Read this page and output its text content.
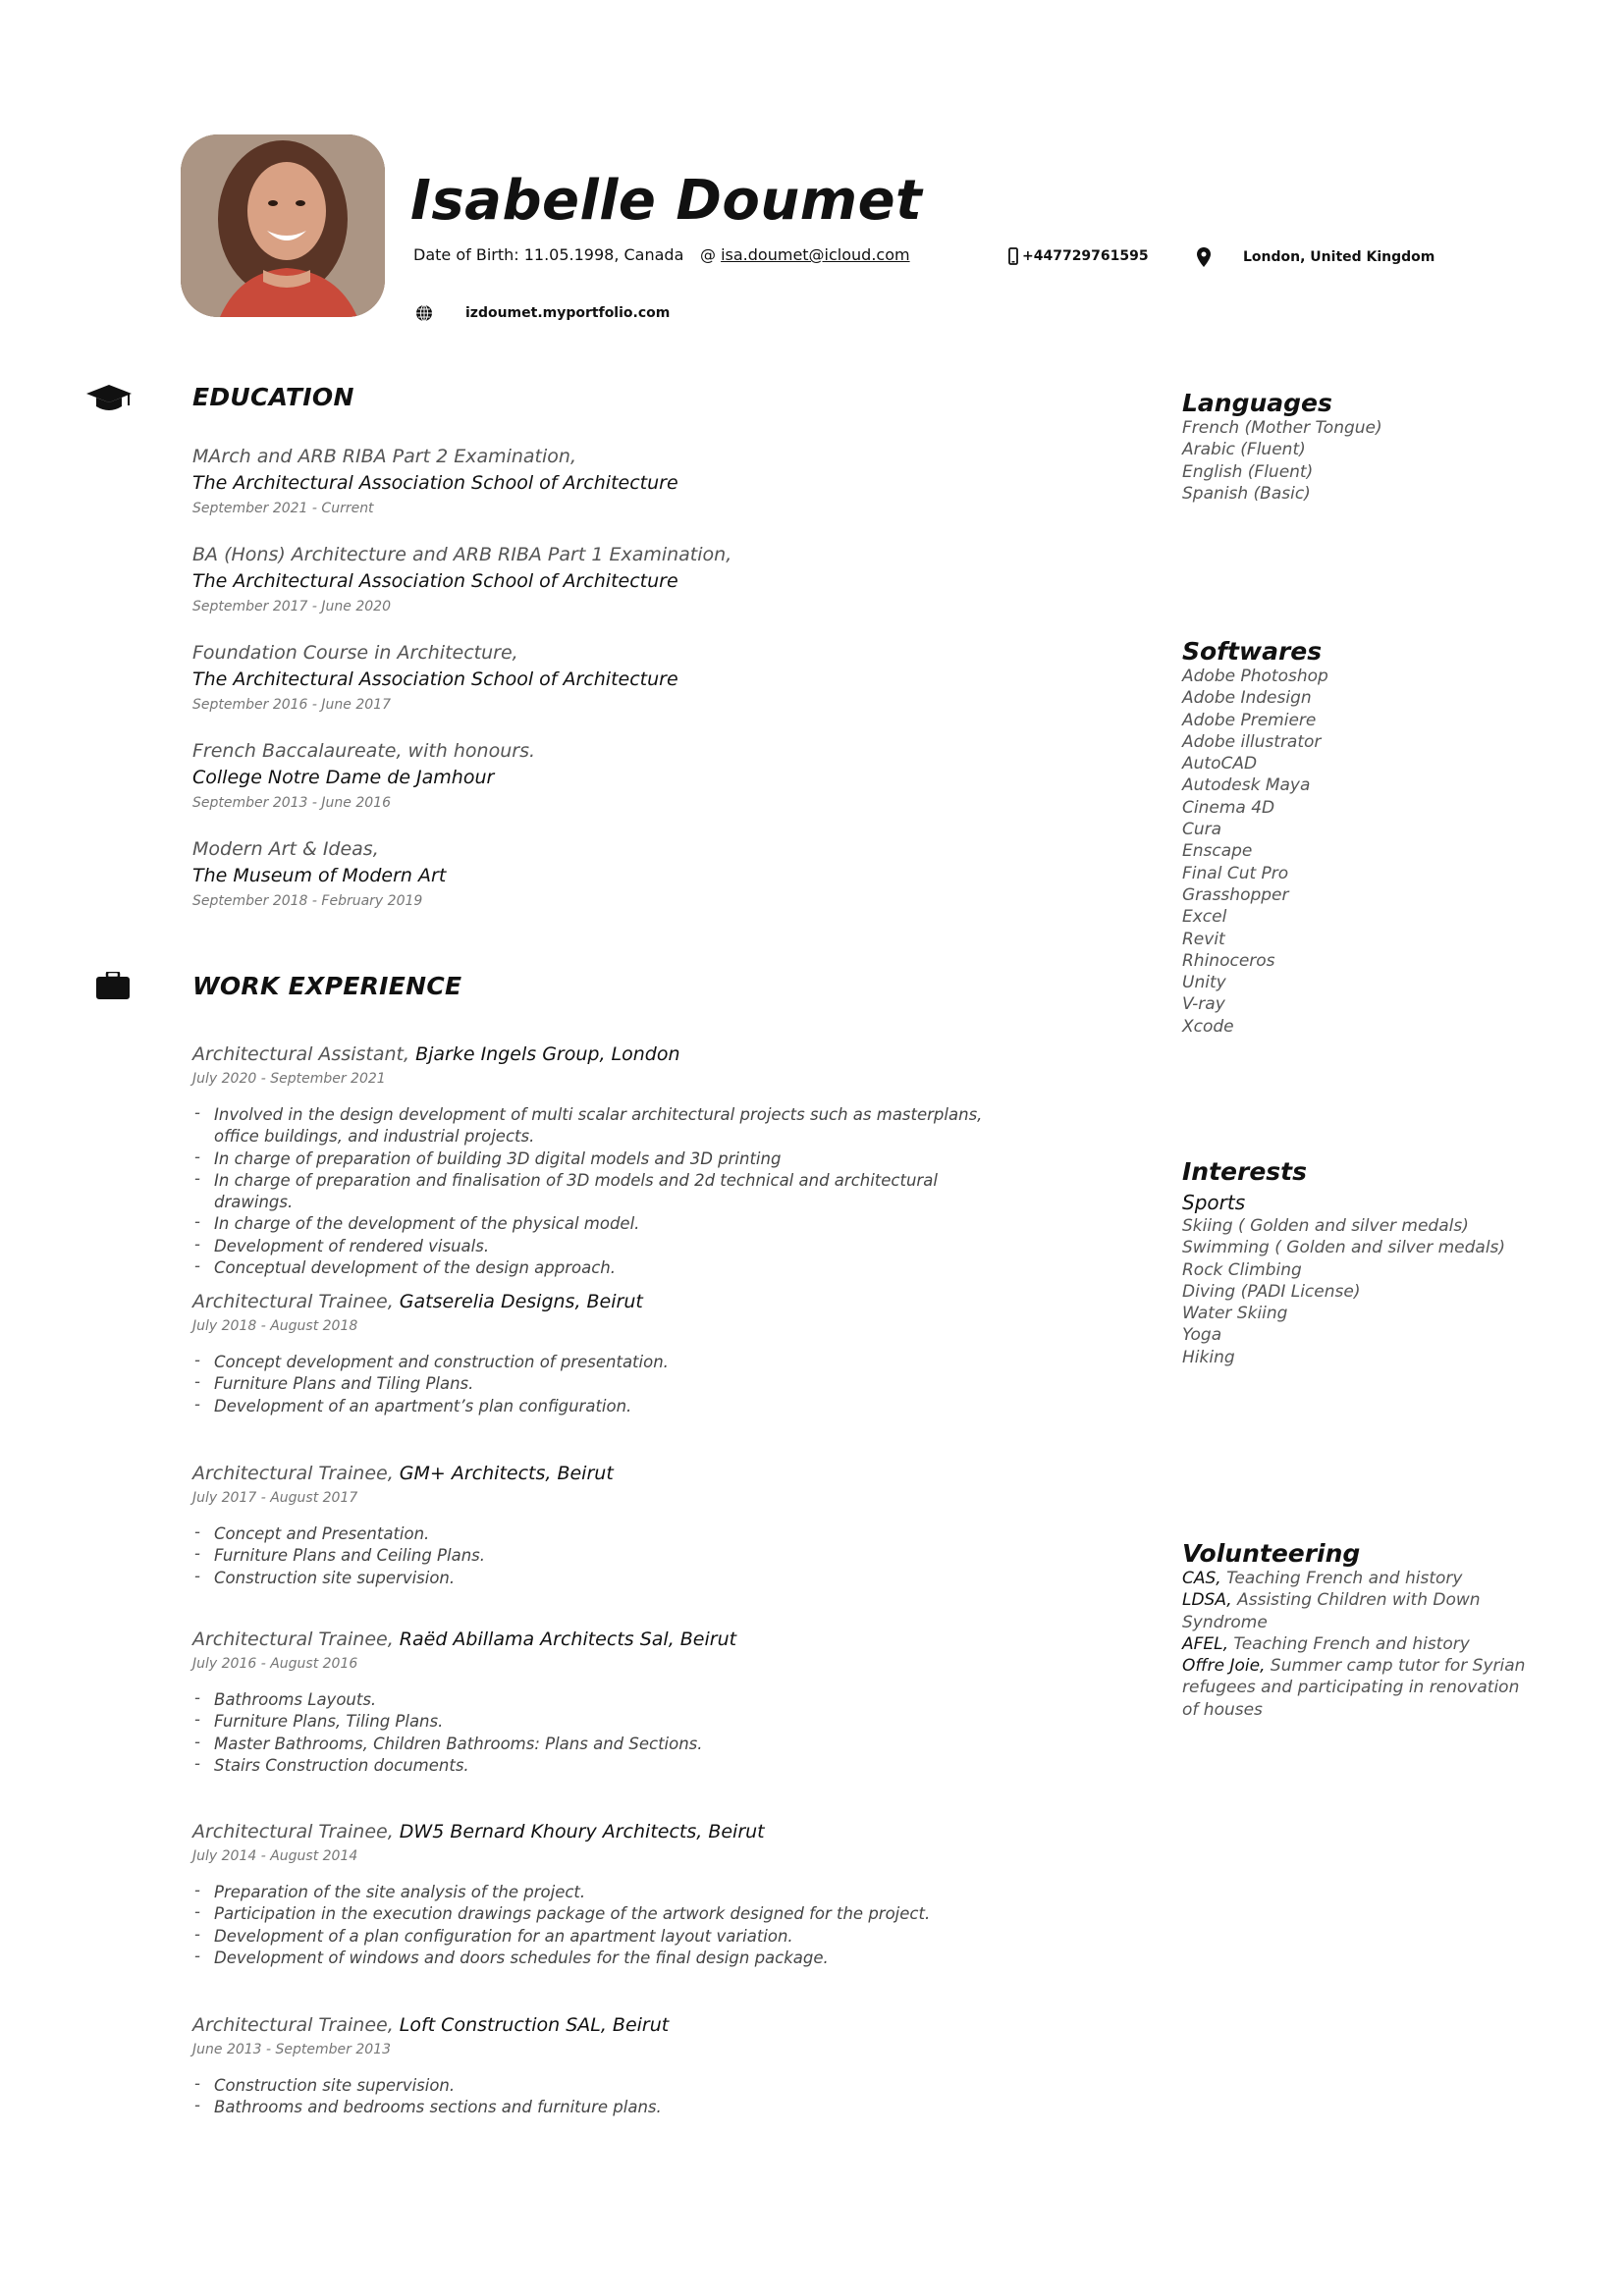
Isabelle Doumet
Date of Birth: 11.05.1998, Canada @ isa.doumet@icloud.com	+447729761595	London, United Kingdom
izdoumet.myportfolio.com
EDUCATION
MArch and ARB RIBA Part 2 Examination,
The Architectural Association School of Architecture
September 2021 - Current
BA (Hons) Architecture and ARB RIBA Part 1 Examination,
The Architectural Association School of Architecture
September 2017 - June 2020
Foundation Course in Architecture,
The Architectural Association School of Architecture
September 2016 - June 2017
French Baccalaureate, with honours.
College Notre Dame de Jamhour
September 2013 - June 2016
Modern Art & Ideas,
The Museum of Modern Art
September 2018 - February 2019
WORK EXPERIENCE
Architectural Assistant, Bjarke Ingels Group, London
July 2020 - September 2021
- Involved in the design development of multi scalar architectural projects such as masterplans, office buildings, and industrial projects.
- In charge of preparation of building 3D digital models and 3D printing
- In charge of preparation and finalisation of 3D models and 2d technical and architectural drawings.
- In charge of the development of the physical model.
- Development of rendered visuals.
- Conceptual development of the design approach.
Architectural Trainee, Gatserelia Designs, Beirut
July 2018 - August 2018
- Concept development and construction of presentation.
- Furniture Plans and Tiling Plans.
- Development of an apartment’s plan configuration.
Architectural Trainee, GM+ Architects, Beirut
July 2017 - August 2017
- Concept and Presentation.
- Furniture Plans and Ceiling Plans.
- Construction site supervision.
Architectural Trainee, Raëd Abillama Architects Sal, Beirut
July 2016 - August 2016
- Bathrooms Layouts.
- Furniture Plans, Tiling Plans.
- Master Bathrooms, Children Bathrooms: Plans and Sections.
- Stairs Construction documents.
Architectural Trainee, DW5 Bernard Khoury Architects, Beirut
July 2014 - August 2014
- Preparation of the site analysis of the project.
- Participation in the execution drawings package of the artwork designed for the project.
- Development of a plan configuration for an apartment layout variation.
- Development of windows and doors schedules for the final design package.
Architectural Trainee, Loft Construction SAL, Beirut
June 2013 - September 2013
- Construction site supervision.
- Bathrooms and bedrooms sections and furniture plans.
Languages
French (Mother Tongue)
Arabic (Fluent)
English (Fluent)
Spanish (Basic)
Softwares
Adobe Photoshop
Adobe Indesign
Adobe Premiere
Adobe illustrator
AutoCAD
Autodesk Maya
Cinema 4D
Cura
Enscape
Final Cut Pro
Grasshopper
Excel
Revit
Rhinoceros
Unity
V-ray
Xcode
Interests
Sports
Skiing ( Golden and silver medals)
Swimming ( Golden and silver medals)
Rock Climbing
Diving (PADI License)
Water Skiing
Yoga
Hiking
Volunteering

CAS, Teaching French and history

LDSA, Assisting Children with Down Syndrome

AFEL, Teaching French and history

Offre Joie, Summer camp tutor for Syrian refugees and participating in renovation of houses
